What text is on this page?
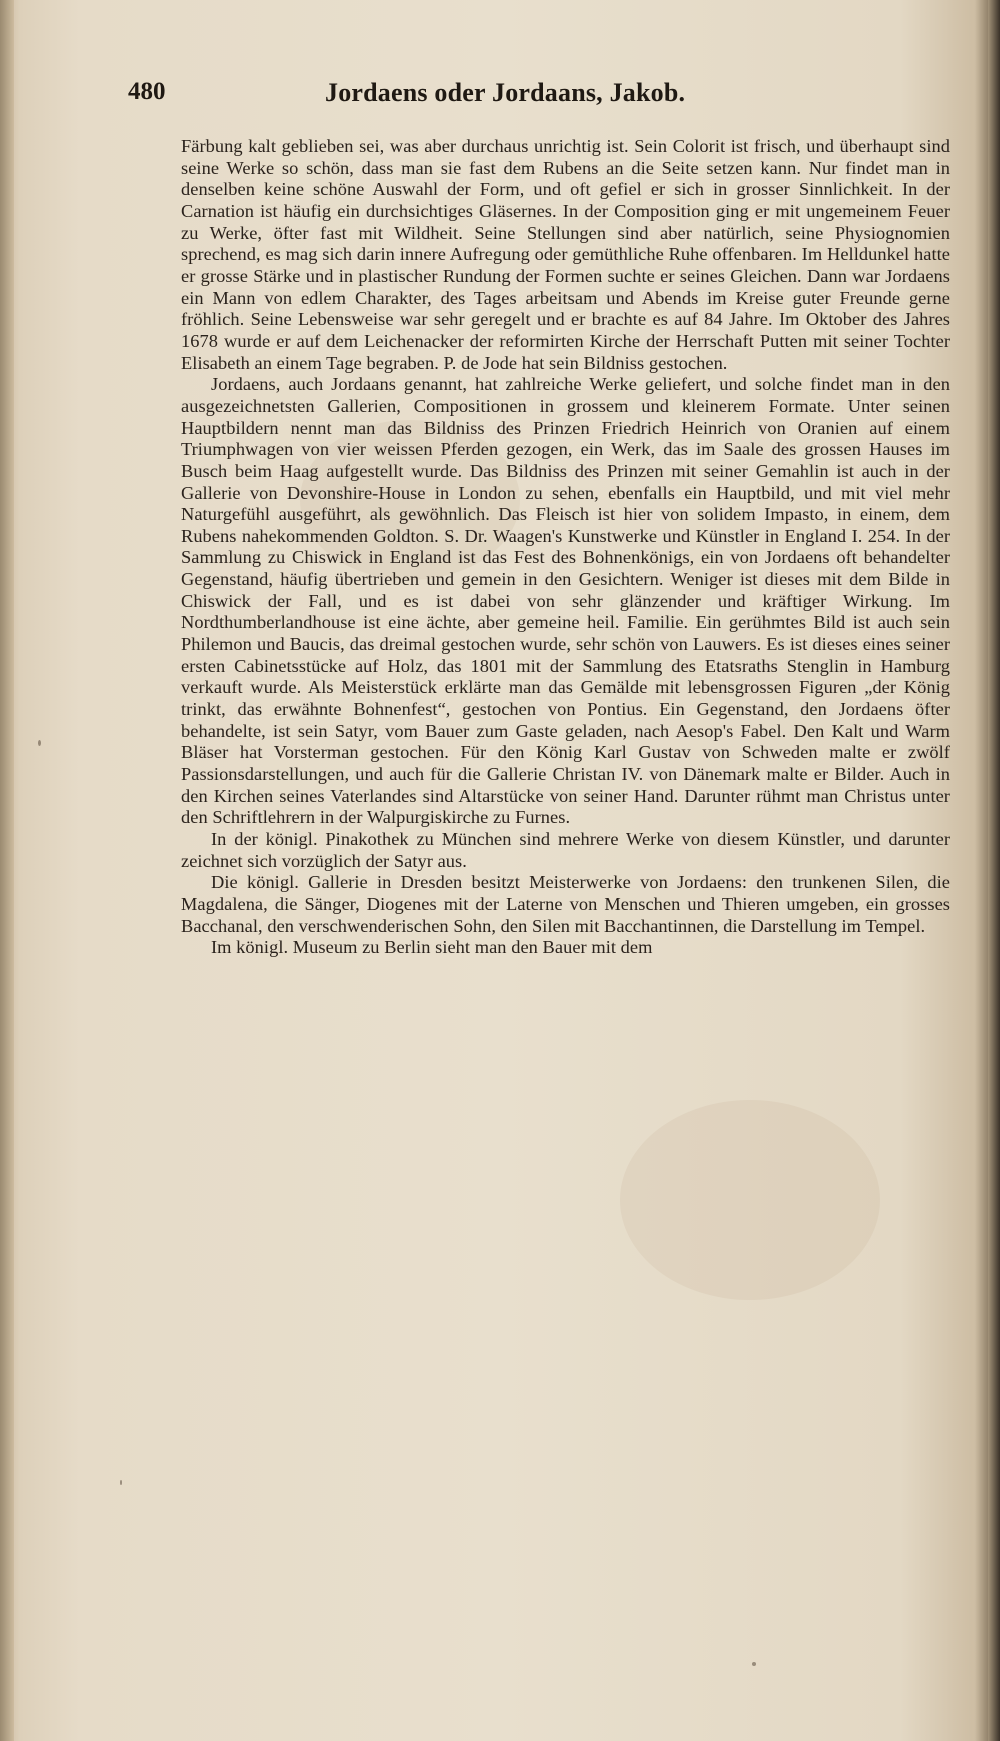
480	Jordaens oder Jordaans, Jakob.

Färbung kalt geblieben sei, was aber durchaus unrichtig ist. Sein Colorit ist frisch, und überhaupt sind seine Werke so schön, dass man sie fast dem Rubens an die Seite setzen kann. Nur findet man in denselben keine schöne Auswahl der Form, und oft gefiel er sich in grosser Sinnlichkeit. In der Carnation ist häufig ein durchsichtiges Gläsernes. In der Composition ging er mit ungemeinem Feuer zu Werke, öfter fast mit Wildheit. Seine Stellungen sind aber natürlich, seine Physiognomien sprechend, es mag sich darin innere Aufregung oder gemüthliche Ruhe offenbaren. Im Helldunkel hatte er grosse Stärke und in plastischer Rundung der Formen suchte er seines Gleichen. Dann war Jordaens ein Mann von edlem Charakter, des Tages arbeitsam und Abends im Kreise guter Freunde gerne fröhlich. Seine Lebensweise war sehr geregelt und er brachte es auf 84 Jahre. Im Oktober des Jahres 1678 wurde er auf dem Leichenacker der reformirten Kirche der Herrschaft Putten mit seiner Tochter Elisabeth an einem Tage begraben. P. de Jode hat sein Bildniss gestochen.

Jordaens, auch Jordaans genannt, hat zahlreiche Werke geliefert, und solche findet man in den ausgezeichnetsten Gallerien, Compositionen in grossem und kleinerem Formate. Unter seinen Hauptbildern nennt man das Bildniss des Prinzen Friedrich Heinrich von Oranien auf einem Triumphwagen von vier weissen Pferden gezogen, ein Werk, das im Saale des grossen Hauses im Busch beim Haag aufgestellt wurde. Das Bildniss des Prinzen mit seiner Gemahlin ist auch in der Gallerie von Devonshire-House in London zu sehen, ebenfalls ein Hauptbild, und mit viel mehr Naturgefühl ausgeführt, als gewöhnlich. Das Fleisch ist hier von solidem Impasto, in einem, dem Rubens nahekommenden Goldton. S. Dr. Waagen's Kunstwerke und Künstler in England I. 254. In der Sammlung zu Chiswick in England ist das Fest des Bohnenkönigs, ein von Jordaens oft behandelter Gegenstand, häufig übertrieben und gemein in den Gesichtern. Weniger ist dieses mit dem Bilde in Chiswick der Fall, und es ist dabei von sehr glänzender und kräftiger Wirkung. Im Nordthumberlandhouse ist eine ächte, aber gemeine heil. Familie. Ein gerühmtes Bild ist auch sein Philemon und Baucis, das dreimal gestochen wurde, sehr schön von Lauwers. Es ist dieses eines seiner ersten Cabinetsstücke auf Holz, das 1801 mit der Sammlung des Etatsraths Stenglin in Hamburg verkauft wurde. Als Meisterstück erklärte man das Gemälde mit lebensgrossen Figuren „der König trinkt, das erwähnte Bohnenfest“, gestochen von Pontius. Ein Gegenstand, den Jordaens öfter behandelte, ist sein Satyr, vom Bauer zum Gaste geladen, nach Aesop's Fabel. Den Kalt und Warm Bläser hat Vorsterman gestochen. Für den König Karl Gustav von Schweden malte er zwölf Passionsdarstellungen, und auch für die Gallerie Christan IV. von Dänemark malte er Bilder. Auch in den Kirchen seines Vaterlandes sind Altarstücke von seiner Hand. Darunter rühmt man Christus unter den Schriftlehrern in der Walpurgiskirche zu Furnes.

In der königl. Pinakothek zu München sind mehrere Werke von diesem Künstler, und darunter zeichnet sich vorzüglich der Satyr aus.

Die königl. Gallerie in Dresden besitzt Meisterwerke von Jordaens: den trunkenen Silen, die Magdalena, die Sänger, Diogenes mit der Laterne von Menschen und Thieren umgeben, ein grosses Bacchanal, den verschwenderischen Sohn, den Silen mit Bacchantinnen, die Darstellung im Tempel.

Im königl. Museum zu Berlin sieht man den Bauer mit dem
